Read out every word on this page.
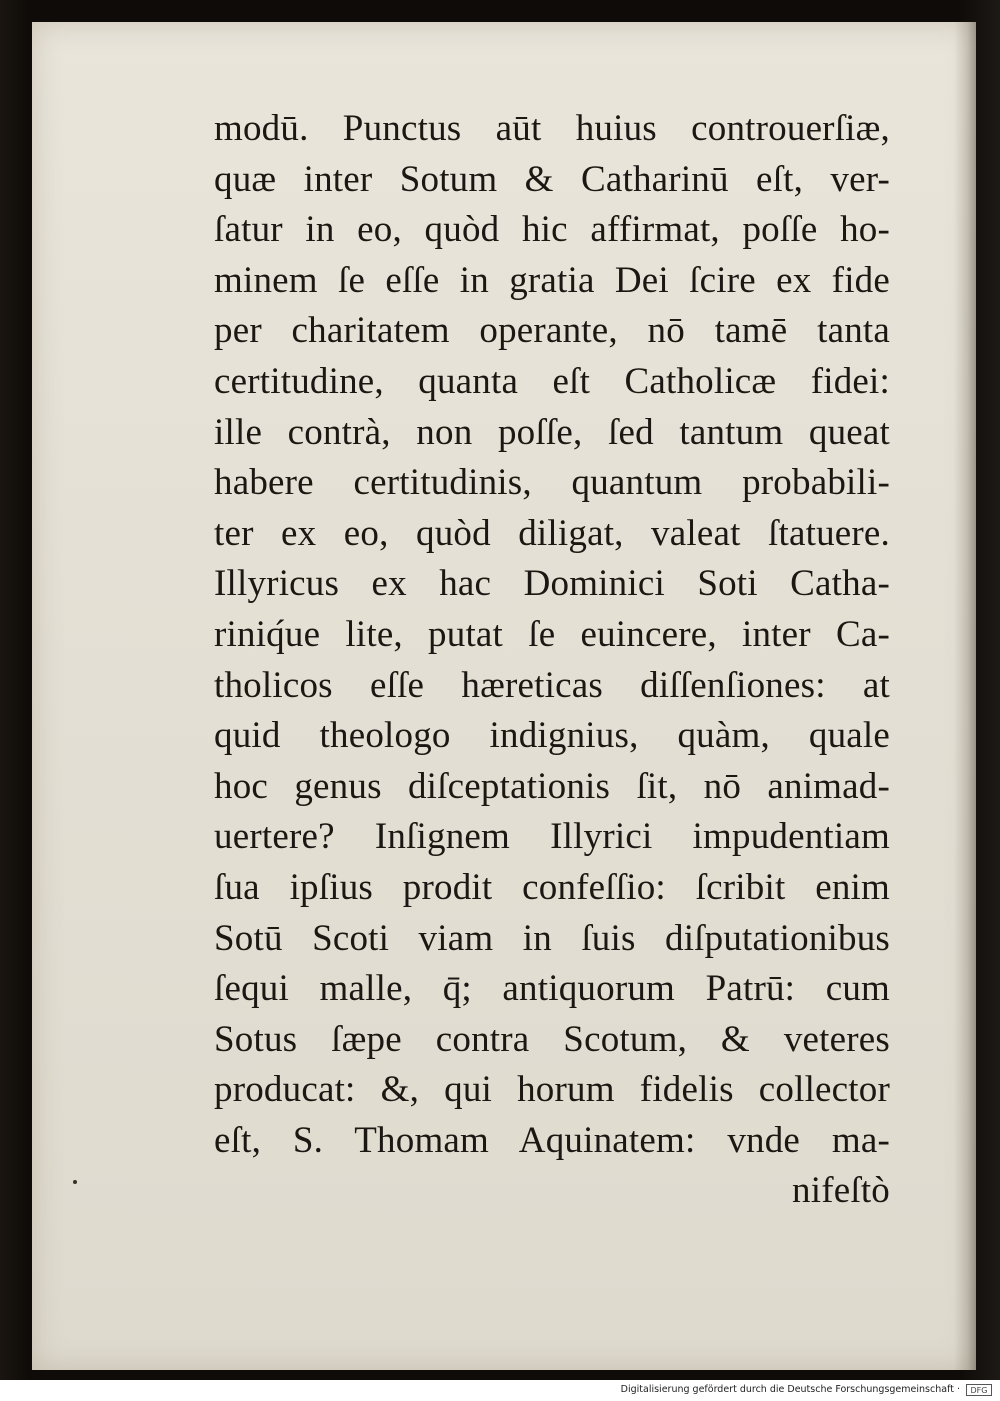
modū. Punctus aūt huius controuerſiæ,
quæ inter Sotum & Catharinū eſt, ver-
ſatur in eo, quòd hic affirmat, poſſe ho-
minem ſe eſſe in gratia Dei ſcire ex fide
per charitatem operante, nō tamē tanta
certitudine, quanta eſt Catholicæ fidei:
ille contrà, non poſſe, ſed tantum queat
habere certitudinis, quantum probabili-
ter ex eo, quòd diligat, valeat ſtatuere.
Illyricus ex hac Dominici Soti Catha-
riniq́ue lite, putat ſe euincere, inter Ca-
tholicos eſſe hæreticas diſſenſiones: at
quid theologo indignius, quàm, quale
hoc genus diſceptationis ſit, nō animad-
uertere? Inſignem Illyrici impudentiam
ſua ipſius prodit confeſſio: ſcribit enim
Sotū Scoti viam in ſuis diſputationibus
ſequi malle, q̄; antiquorum Patrū: cum
Sotus ſæpe contra Scotum, & veteres
producat: &, qui horum fidelis collector
eſt, S. Thomam Aquinatem: vnde ma-
nifeſtò
Digitalisierung gefördert durch die Deutsche Forschungsgemeinschaft ·	DFG
